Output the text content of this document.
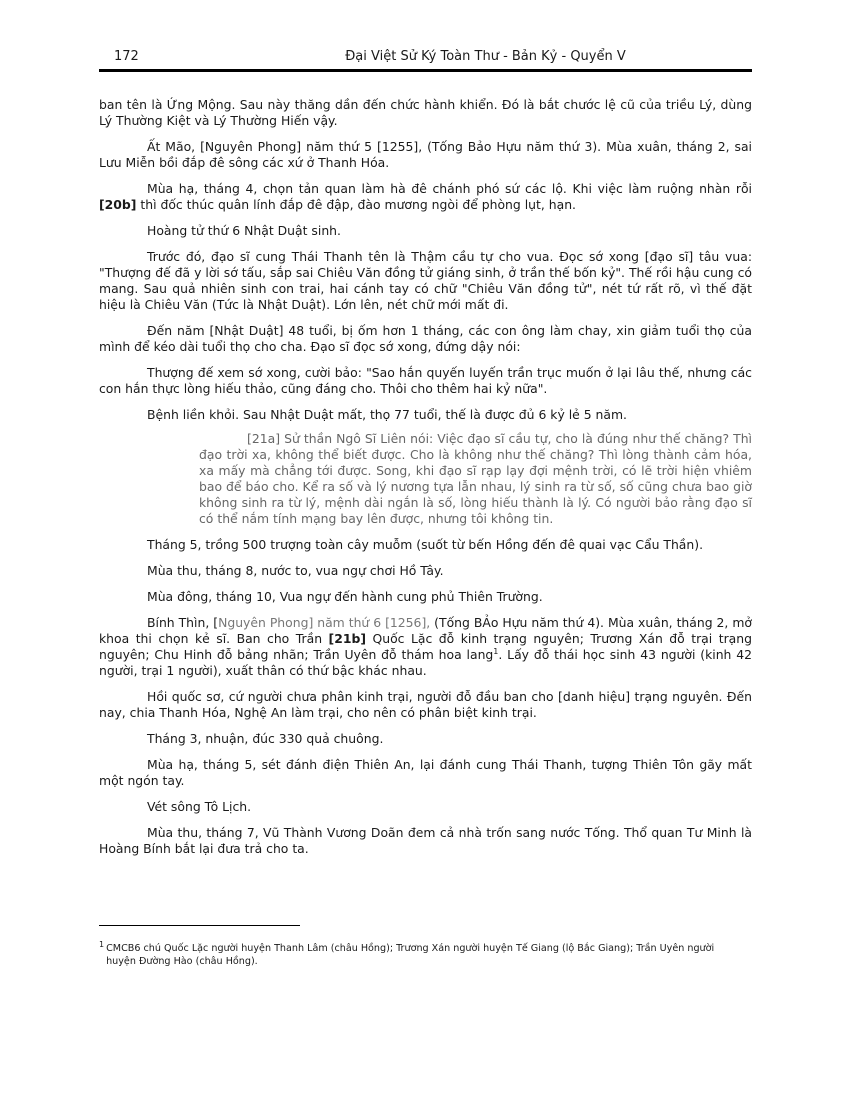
172	Đại Việt Sử Ký Toàn Thư - Bản Kỷ - Quyển V

ban tên là Ứng Mộng. Sau này thăng dần đến chức hành khiển. Đó là bắt chước lệ cũ của triều Lý, dùng Lý Thường Kiệt và Lý Thường Hiến vậy.

Ất Mão, [Nguyên Phong] năm thứ 5 [1255], (Tống Bảo Hựu năm thứ 3). Mùa xuân, tháng 2, sai Lưu Miễn bồi đắp đê sông các xứ ở Thanh Hóa.

Mùa hạ, tháng 4, chọn tản quan làm hà đê chánh phó sứ các lộ. Khi việc làm ruộng nhàn rỗi [20b] thì đốc thúc quân lính đắp đê đập, đào mương ngòi để phòng lụt, hạn.

Hoàng tử thứ 6 Nhật Duật sinh.

Trước đó, đạo sĩ cung Thái Thanh tên là Thậm cầu tự cho vua. Đọc sớ xong [đạo sĩ] tâu vua: "Thượng đế đã y lời sớ tấu, sắp sai Chiêu Văn đồng tử giáng sinh, ở trần thế bốn kỷ". Thế rồi hậu cung có mang. Sau quả nhiên sinh con trai, hai cánh tay có chữ "Chiêu Văn đồng tử", nét tứ rất rõ, vì thế đặt hiệu là Chiêu Văn (Tức là Nhật Duật). Lớn lên, nét chữ mới mất đi.

Đến năm [Nhật Duật] 48 tuổi, bị ốm hơn 1 tháng, các con ông làm chay, xin giảm tuổi thọ của mình để kéo dài tuổi thọ cho cha. Đạo sĩ đọc sớ xong, đứng dậy nói:

Thượng đế xem sớ xong, cười bảo: "Sao hắn quyến luyến trần trục muốn ở lại lâu thế, nhưng các con hắn thực lòng hiếu thảo, cũng đáng cho. Thôi cho thêm hai kỷ nữa".

Bệnh liền khỏi. Sau Nhật Duật mất, thọ 77 tuổi, thế là được đủ 6 kỷ lẻ 5 năm.

[21a] Sử thần Ngô Sĩ Liên nói: Việc đạo sĩ cầu tự, cho là đúng như thế chăng? Thì đạo trời xa, không thể biết được. Cho là không như thế chăng? Thì lòng thành cảm hóa, xa mấy mà chẳng tới được. Song, khi đạo sĩ rạp lạy đợi mệnh trời, có lẽ trời hiện vhiêm bao để báo cho. Kể ra số và lý nương tựa lẫn nhau, lý sinh ra từ số, số cũng chưa bao giờ không sinh ra từ lý, mệnh dài ngắn là số, lòng hiếu thành là lý. Có người bảo rằng đạo sĩ có thể nắm tính mạng bay lên được, nhưng tôi không tin.

Tháng 5, trồng 500 trượng toàn cây muỗm (suốt từ bến Hồng đến đê quai vạc Cẩu Thần).

Mùa thu, tháng 8, nước to, vua ngự chơi Hồ Tây.

Mùa đông, tháng 10, Vua ngự đến hành cung phủ Thiên Trường.

Bính Thìn, [Nguyên Phong] năm thứ 6 [1256], (Tống BẢo Hựu năm thứ 4). Mùa xuân, tháng 2, mở khoa thi chọn kẻ sĩ. Ban cho Trần [21b] Quốc Lặc đỗ kinh trạng nguyên; Trương Xán đỗ trại trạng nguyên; Chu Hinh đỗ bảng nhãn; Trần Uyên đỗ thám hoa lang$^1$. Lấy đỗ thái học sinh 43 người (kinh 42 người, trại 1 người), xuất thân có thứ bậc khác nhau.

Hồi quốc sơ, cứ người chưa phân kinh trại, người đỗ đầu ban cho [danh hiệu] trạng nguyên. Đến nay, chia Thanh Hóa, Nghệ An làm trại, cho nên có phân biệt kinh trại.

Tháng 3, nhuận, đúc 330 quả chuông.

Mùa hạ, tháng 5, sét đánh điện Thiên An, lại đánh cung Thái Thanh, tượng Thiên Tôn gãy mất một ngón tay.

Vét sông Tô Lịch.

Mùa thu, tháng 7, Vũ Thành Vương Doãn đem cả nhà trốn sang nước Tống. Thổ quan Tư Minh là Hoàng Bính bắt lại đưa trả cho ta.

$^1$ CMCB6 chú Quốc Lặc người huyện Thanh Lâm (châu Hồng); Trương Xán người huyện Tế Giang (lộ Bắc Giang); Trần Uyên người huyện Đường Hào (châu Hồng).
